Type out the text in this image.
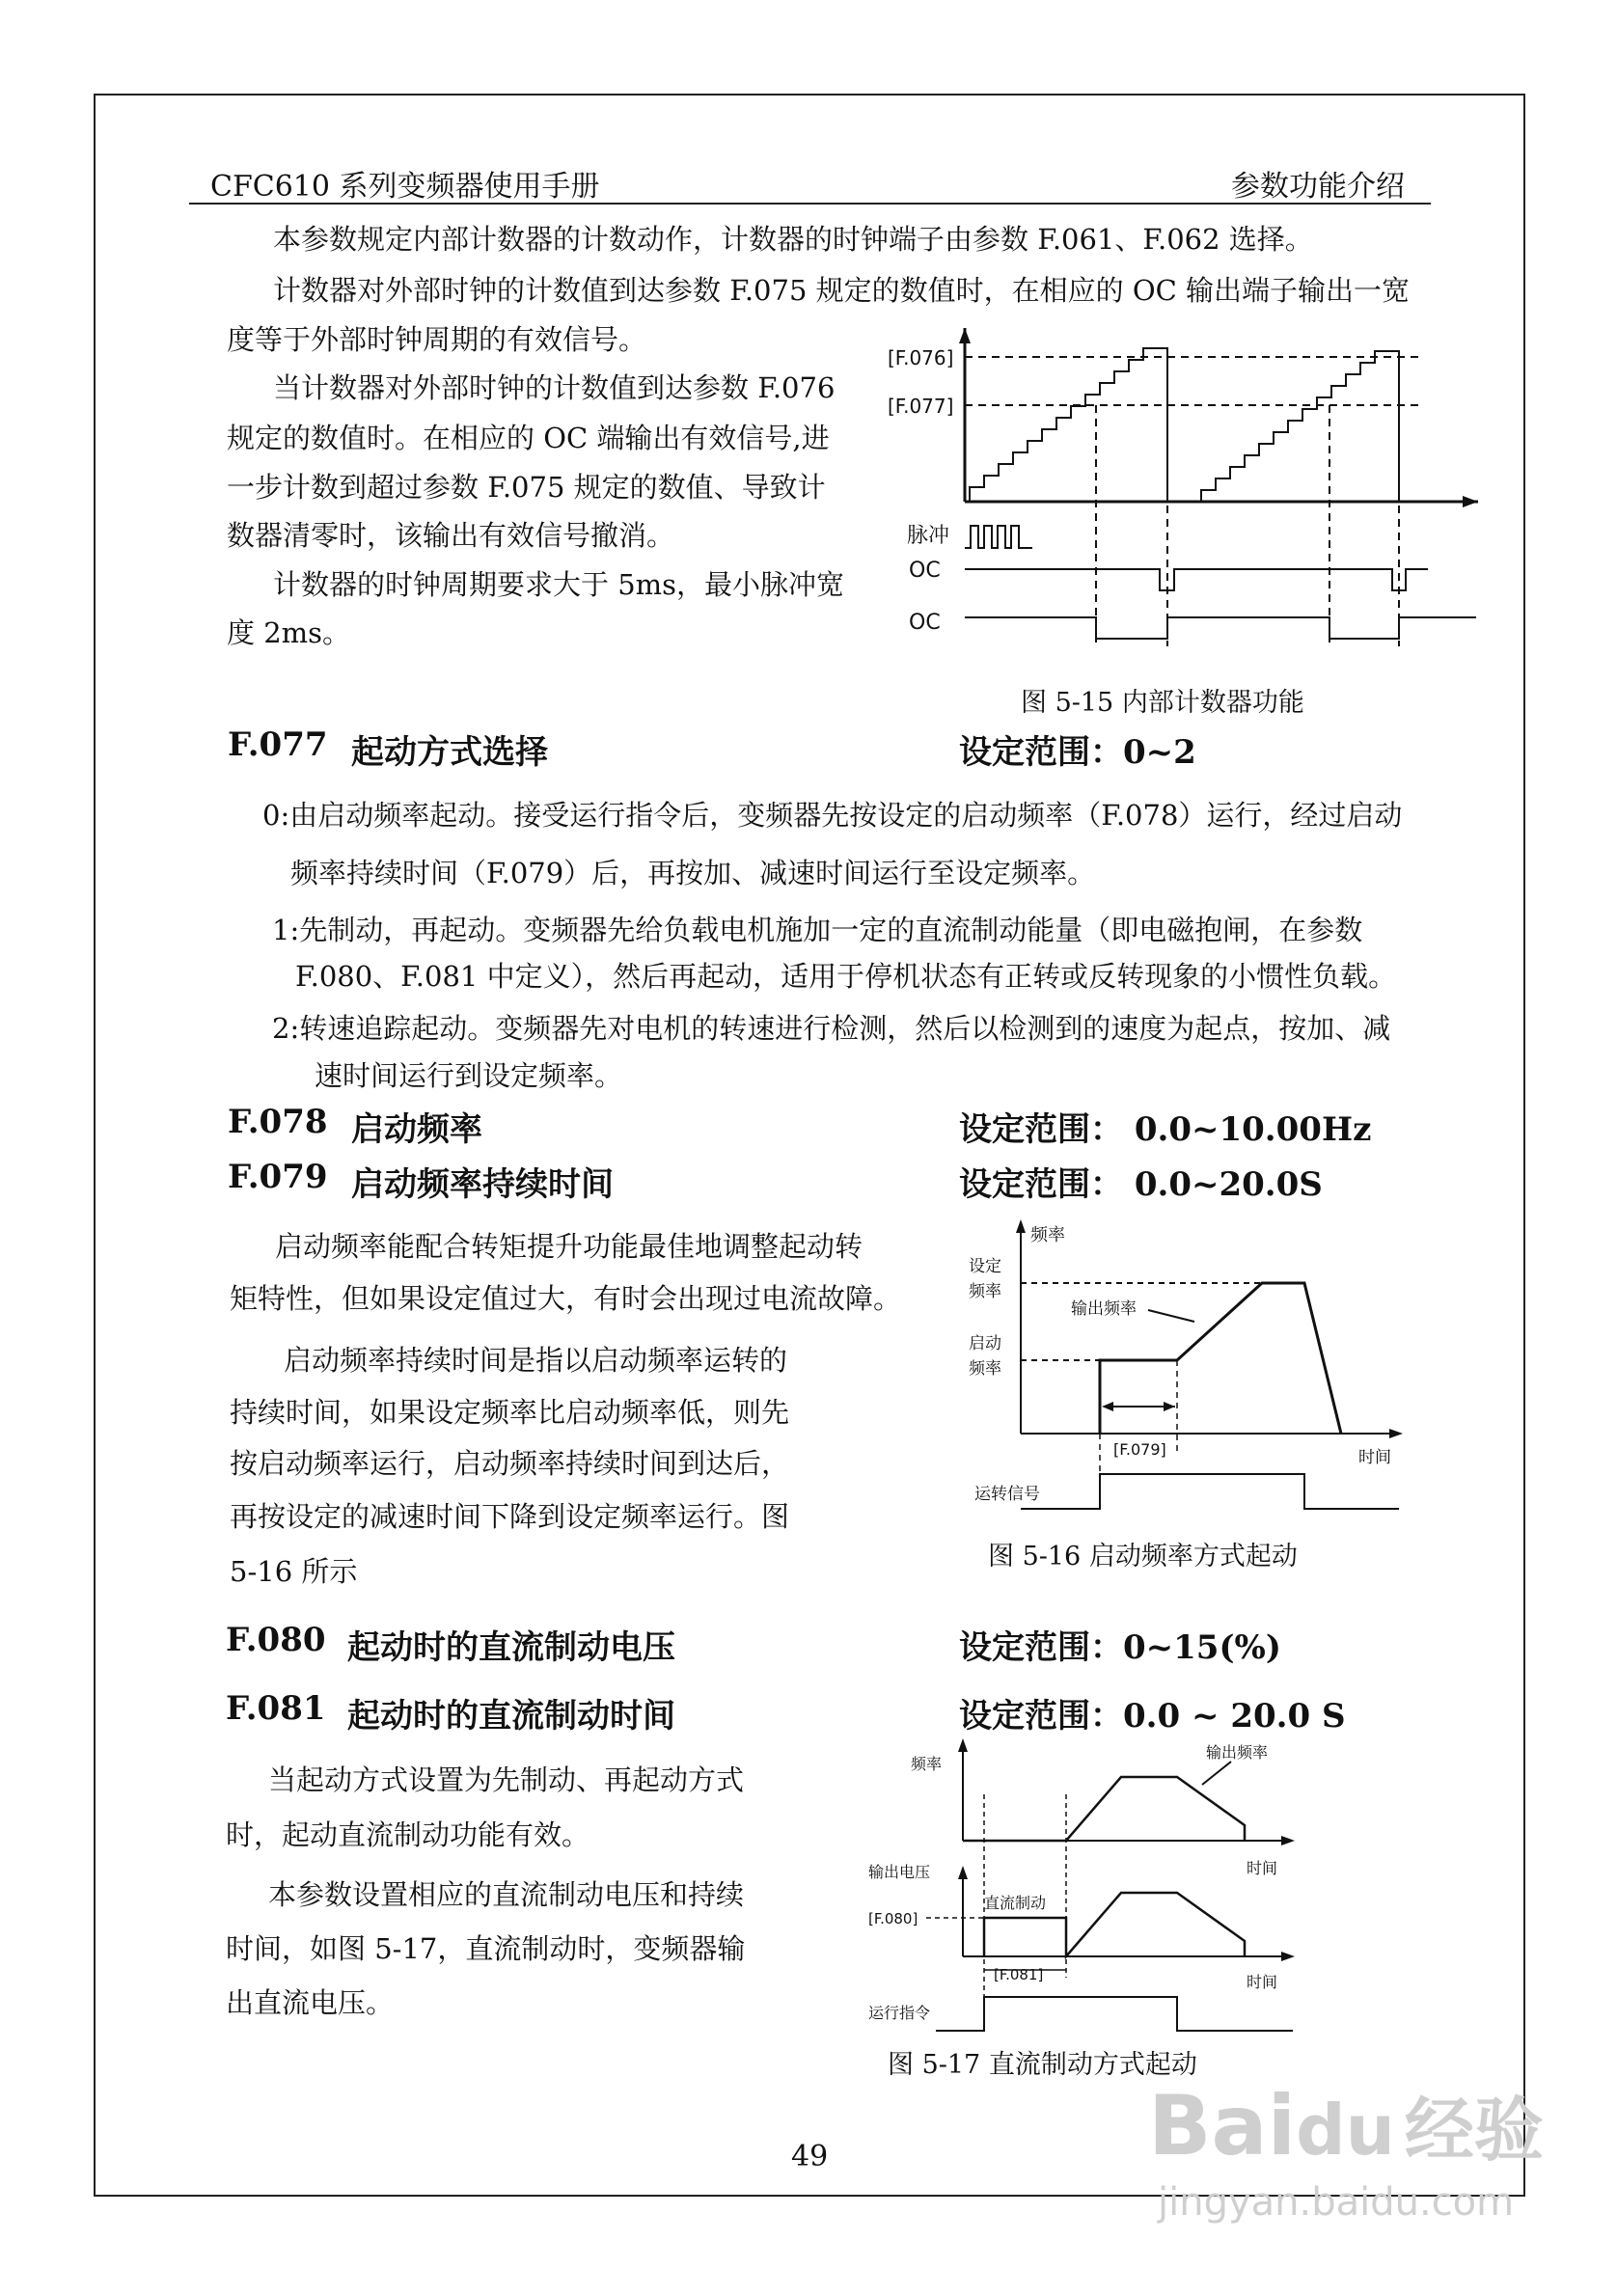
CFC610 系列变频器使用手册	参数功能介绍
本参数规定内部计数器的计数动作，计数器的时钟端子由参数 F.061、F.062 选择。
计数器对外部时钟的计数值到达参数 F.075 规定的数值时，在相应的 OC 输出端子输出一宽
度等于外部时钟周期的有效信号。
当计数器对外部时钟的计数值到达参数 F.076
规定的数值时。在相应的 OC 端输出有效信号,进
一步计数到超过参数 F.075 规定的数值、导致计
数器清零时，该输出有效信号撤消。
计数器的时钟周期要求大于 5ms，最小脉冲宽
度 2ms。
[F.076]
[F.077]
脉冲
OC
OC
图 5-15 内部计数器功能
F.077 起动方式选择	设定范围：0~2
0:由启动频率起动。接受运行指令后，变频器先按设定的启动频率（F.078）运行，经过启动
频率持续时间（F.079）后，再按加、减速时间运行至设定频率。
1:先制动，再起动。变频器先给负载电机施加一定的直流制动能量（即电磁抱闸，在参数
F.080、F.081 中定义），然后再起动，适用于停机状态有正转或反转现象的小惯性负载。
2:转速追踪起动。变频器先对电机的转速进行检测，然后以检测到的速度为起点，按加、减
速时间运行到设定频率。
F.078 启动频率	设定范围： 0.0~10.00Hz
F.079 启动频率持续时间	设定范围： 0.0~20.0S
启动频率能配合转矩提升功能最佳地调整起动转
矩特性，但如果设定值过大，有时会出现过电流故障。
启动频率持续时间是指以启动频率运转的
持续时间，如果设定频率比启动频率低，则先
按启动频率运行，启动频率持续时间到达后，
再按设定的减速时间下降到设定频率运行。图
5-16 所示
频率
设定
频率
启动
频率
输出频率
[F.079]	时间
运转信号
图 5-16 启动频率方式起动
F.080 起动时的直流制动电压	设定范围：0~15(%)
F.081 起动时的直流制动时间	设定范围：0.0 ~ 20.0 S
当起动方式设置为先制动、再起动方式
时，起动直流制动功能有效。
本参数设置相应的直流制动电压和持续
时间，如图 5-17，直流制动时，变频器输
出直流电压。
频率
输出频率
时间
输出电压
[F.080]
直流制动
时间
[F.081]
运行指令
图 5-17 直流制动方式起动
49	Baidu 经验
jingyan.baidu.com
